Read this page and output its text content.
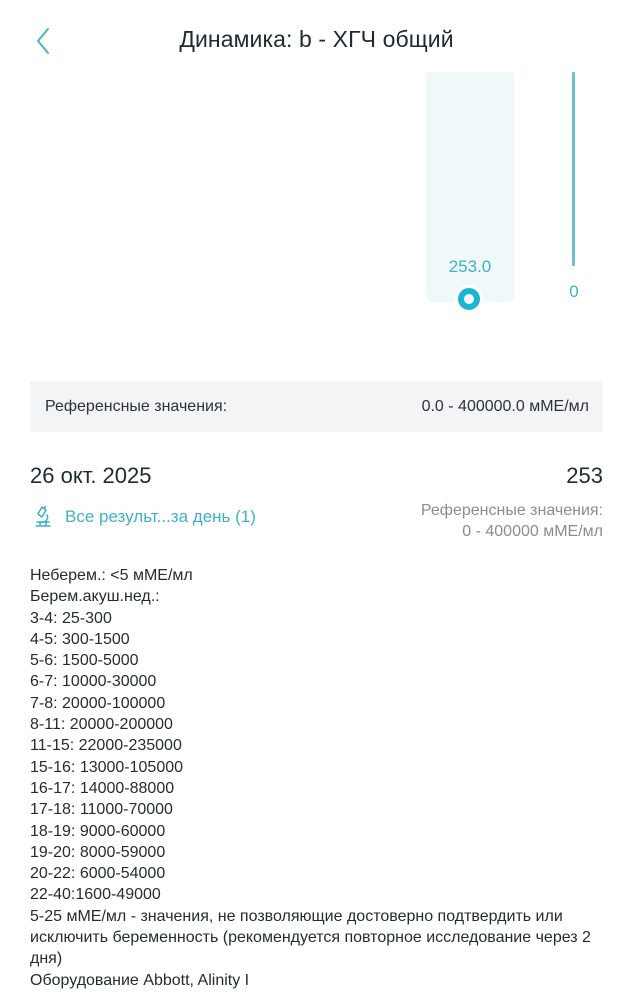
Динамика: b - ХГЧ общий
253.0
0
Референсные значения:	0.0 - 400000.0 мМЕ/мл
26 окт. 2025	253
Все результ...за день (1)	Референсные значения:
0 - 400000 мМЕ/мл
Неберем.: <5 мМЕ/мл
Берем.акуш.нед.:
3-4: 25-300
4-5: 300-1500
5-6: 1500-5000
6-7: 10000-30000
7-8: 20000-100000
8-11: 20000-200000
11-15: 22000-235000
15-16: 13000-105000
16-17: 14000-88000
17-18: 11000-70000
18-19: 9000-60000
19-20: 8000-59000
20-22: 6000-54000
22-40:1600-49000
5-25 мМЕ/мл - значения, не позволяющие достоверно подтвердить или исключить беременность (рекомендуется повторное исследование через 2 дня)
Оборудование Abbott, Alinity I
